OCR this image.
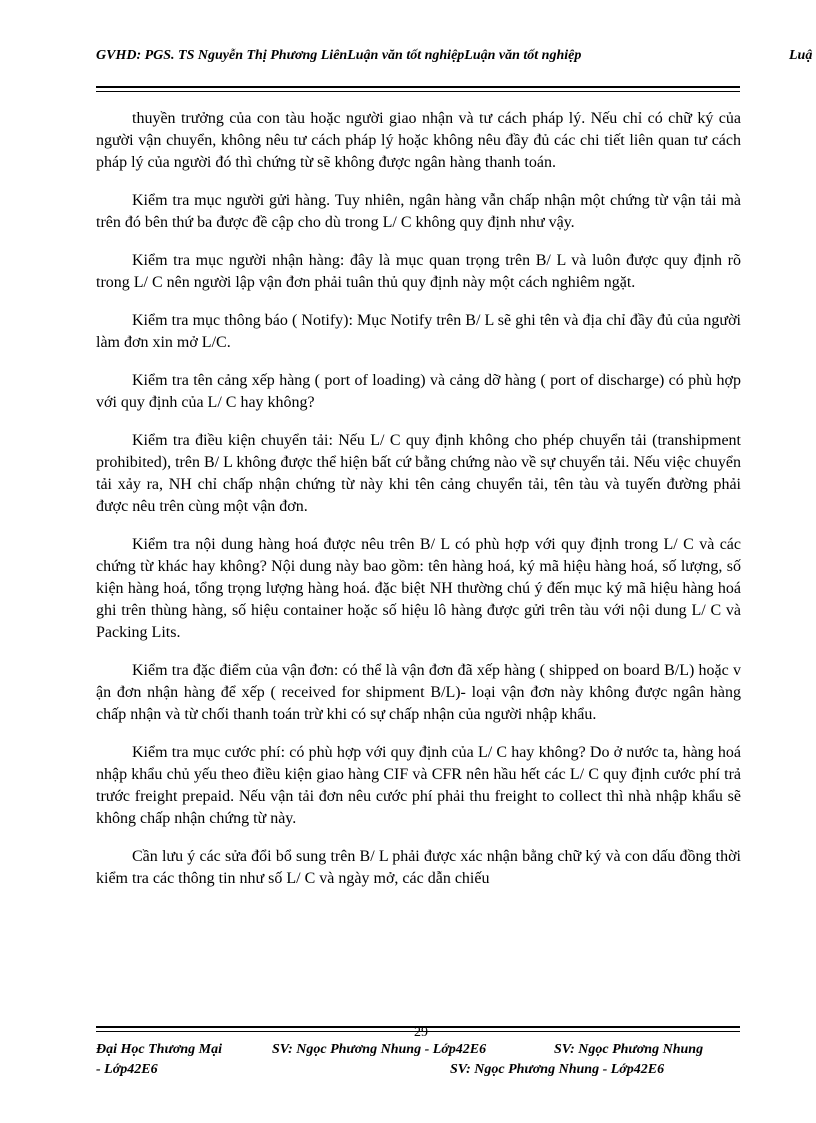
GVHD: PGS. TS Nguyễn Thị Phương LiênLuận văn tốt nghiệpLuận văn tốt nghiệp	Luậ

thuyền trưởng của con tàu hoặc người giao nhận và tư cách pháp lý. Nếu chỉ có chữ ký của người vận chuyển, không nêu tư cách pháp lý hoặc không nêu đầy đủ các chi tiết liên quan tư cách pháp lý của người đó thì chứng từ sẽ không được ngân hàng thanh toán.

Kiểm tra mục người gửi hàng. Tuy nhiên, ngân hàng vẫn chấp nhận một chứng từ vận tải mà trên đó bên thứ ba được đề cập cho dù trong L/ C không quy định như vậy.

Kiểm tra mục người nhận hàng: đây là mục quan trọng trên B/ L và luôn được quy định rõ trong L/ C nên người lập vận đơn phải tuân thủ quy định này một cách nghiêm ngặt.

Kiểm tra mục thông báo ( Notify): Mục Notify trên B/ L sẽ ghi tên và địa chỉ đầy đủ của người làm đơn xin mở L/C.

Kiểm tra tên cảng xếp hàng ( port of loading) và cảng dỡ hàng ( port of discharge) có phù hợp với quy định của L/ C hay không?

Kiểm tra điều kiện chuyển tải: Nếu L/ C quy định không cho phép chuyển tải (transhipment prohibited), trên B/ L không được thể hiện bất cứ bằng chứng nào về sự chuyển tải. Nếu việc chuyển tải xảy ra, NH chỉ chấp nhận chứng từ này khi tên cảng chuyển tải, tên tàu và tuyến đường phải được nêu trên cùng một vận đơn.

Kiểm tra nội dung hàng hoá được nêu trên B/ L có phù hợp với quy định trong L/ C và các chứng từ khác hay không? Nội dung này bao gồm: tên hàng hoá, ký mã hiệu hàng hoá, số lượng, số kiện hàng hoá, tổng trọng lượng hàng hoá. đặc biệt NH thường chú ý đến mục ký mã hiệu hàng hoá ghi trên thùng hàng, số hiệu container hoặc số hiệu lô hàng được gửi trên tàu với nội dung L/ C và Packing Lits.

Kiểm tra đặc điểm của vận đơn: có thể là vận đơn đã xếp hàng ( shipped on board B/L) hoặc v ận đơn nhận hàng để xếp ( received for shipment B/L)- loại vận đơn này không được ngân hàng chấp nhận và từ chối thanh toán trừ khi có sự chấp nhận của người nhập khẩu.

Kiểm tra mục cước phí: có phù hợp với quy định của L/ C hay không? Do ở nước ta, hàng hoá nhập khẩu chủ yếu theo điều kiện giao hàng CIF và CFR nên hầu hết các L/ C quy định cước phí trả trước freight prepaid. Nếu vận tải đơn nêu cước phí phải thu freight to collect thì nhà nhập khẩu sẽ không chấp nhận chứng từ này.

Cần lưu ý các sửa đổi bổ sung trên B/ L phải được xác nhận bằng chữ ký và con dấu đồng thời kiểm tra các thông tin như số L/ C và ngày mở, các dẫn chiếu

29
Đại Học Thương Mại	SV: Ngọc Phương Nhung - Lớp42E6	SV: Ngọc Phương Nhung
- Lớp42E6	SV: Ngọc Phương Nhung - Lớp42E6
